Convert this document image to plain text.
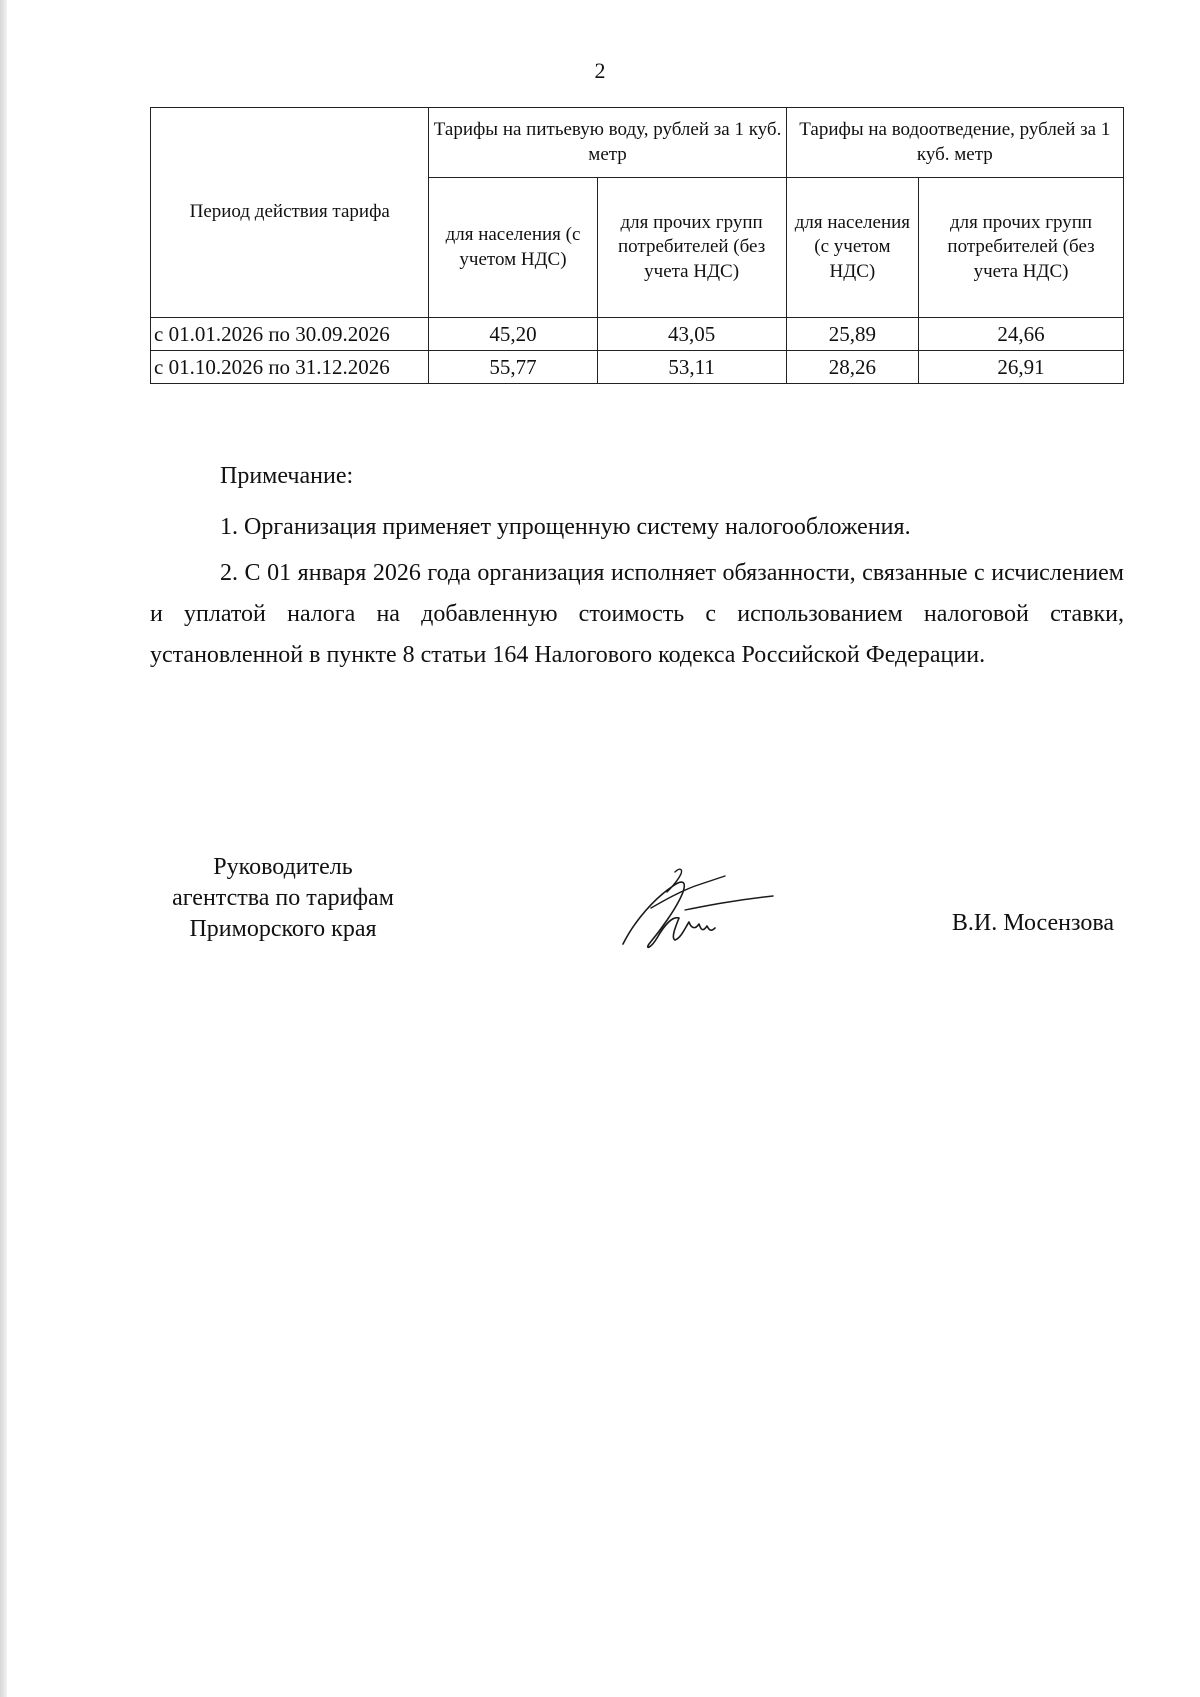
2
Период действия тарифа	Тарифы на питьевую воду, рублей за 1 куб. метр		Тарифы на водоотведение, рублей за 1 куб. метр	
	для населения (с учетом НДС)	для прочих групп потребителей (без учета НДС)	для населения (с учетом НДС)	для прочих групп потребителей (без учета НДС)
с 01.01.2026 по 30.09.2026	45,20	43,05	25,89	24,66
с 01.10.2026 по 31.12.2026	55,77	53,11	28,26	26,91

Примечание:

1. Организация применяет упрощенную систему налогообложения.

2. С 01 января 2026 года организация исполняет обязанности, связанные с исчислением и уплатой налога на добавленную стоимость с использованием налоговой ставки, установленной в пункте 8 статьи 164 Налогового кодекса Российской Федерации.

Руководитель
агентства по тарифам
Приморского края	В.И. Мосензова
